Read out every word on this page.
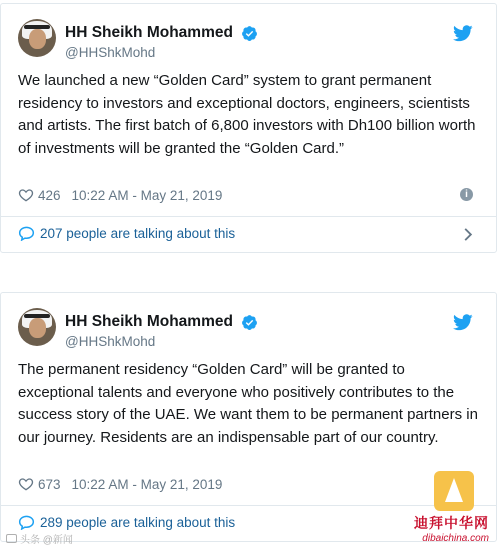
HH Sheikh Mohammed
@HHShkMohd
We launched a new “Golden Card” system to grant permanent residency to investors and exceptional doctors, engineers, scientists and artists. The first batch of 6,800 investors with Dh100 billion worth of investments will be granted the “Golden Card.”
426 10:22 AM - May 21, 2019	i
207 people are talking about this
HH Sheikh Mohammed
@HHShkMohd
The permanent residency “Golden Card” will be granted to exceptional talents and everyone who positively contributes to the success story of the UAE. We want them to be permanent partners in our journey. Residents are an indispensable part of our country.
673 10:22 AM - May 21, 2019
289 people are talking about this
头条 @新闻
迪拜中华网
dibaichina.com
